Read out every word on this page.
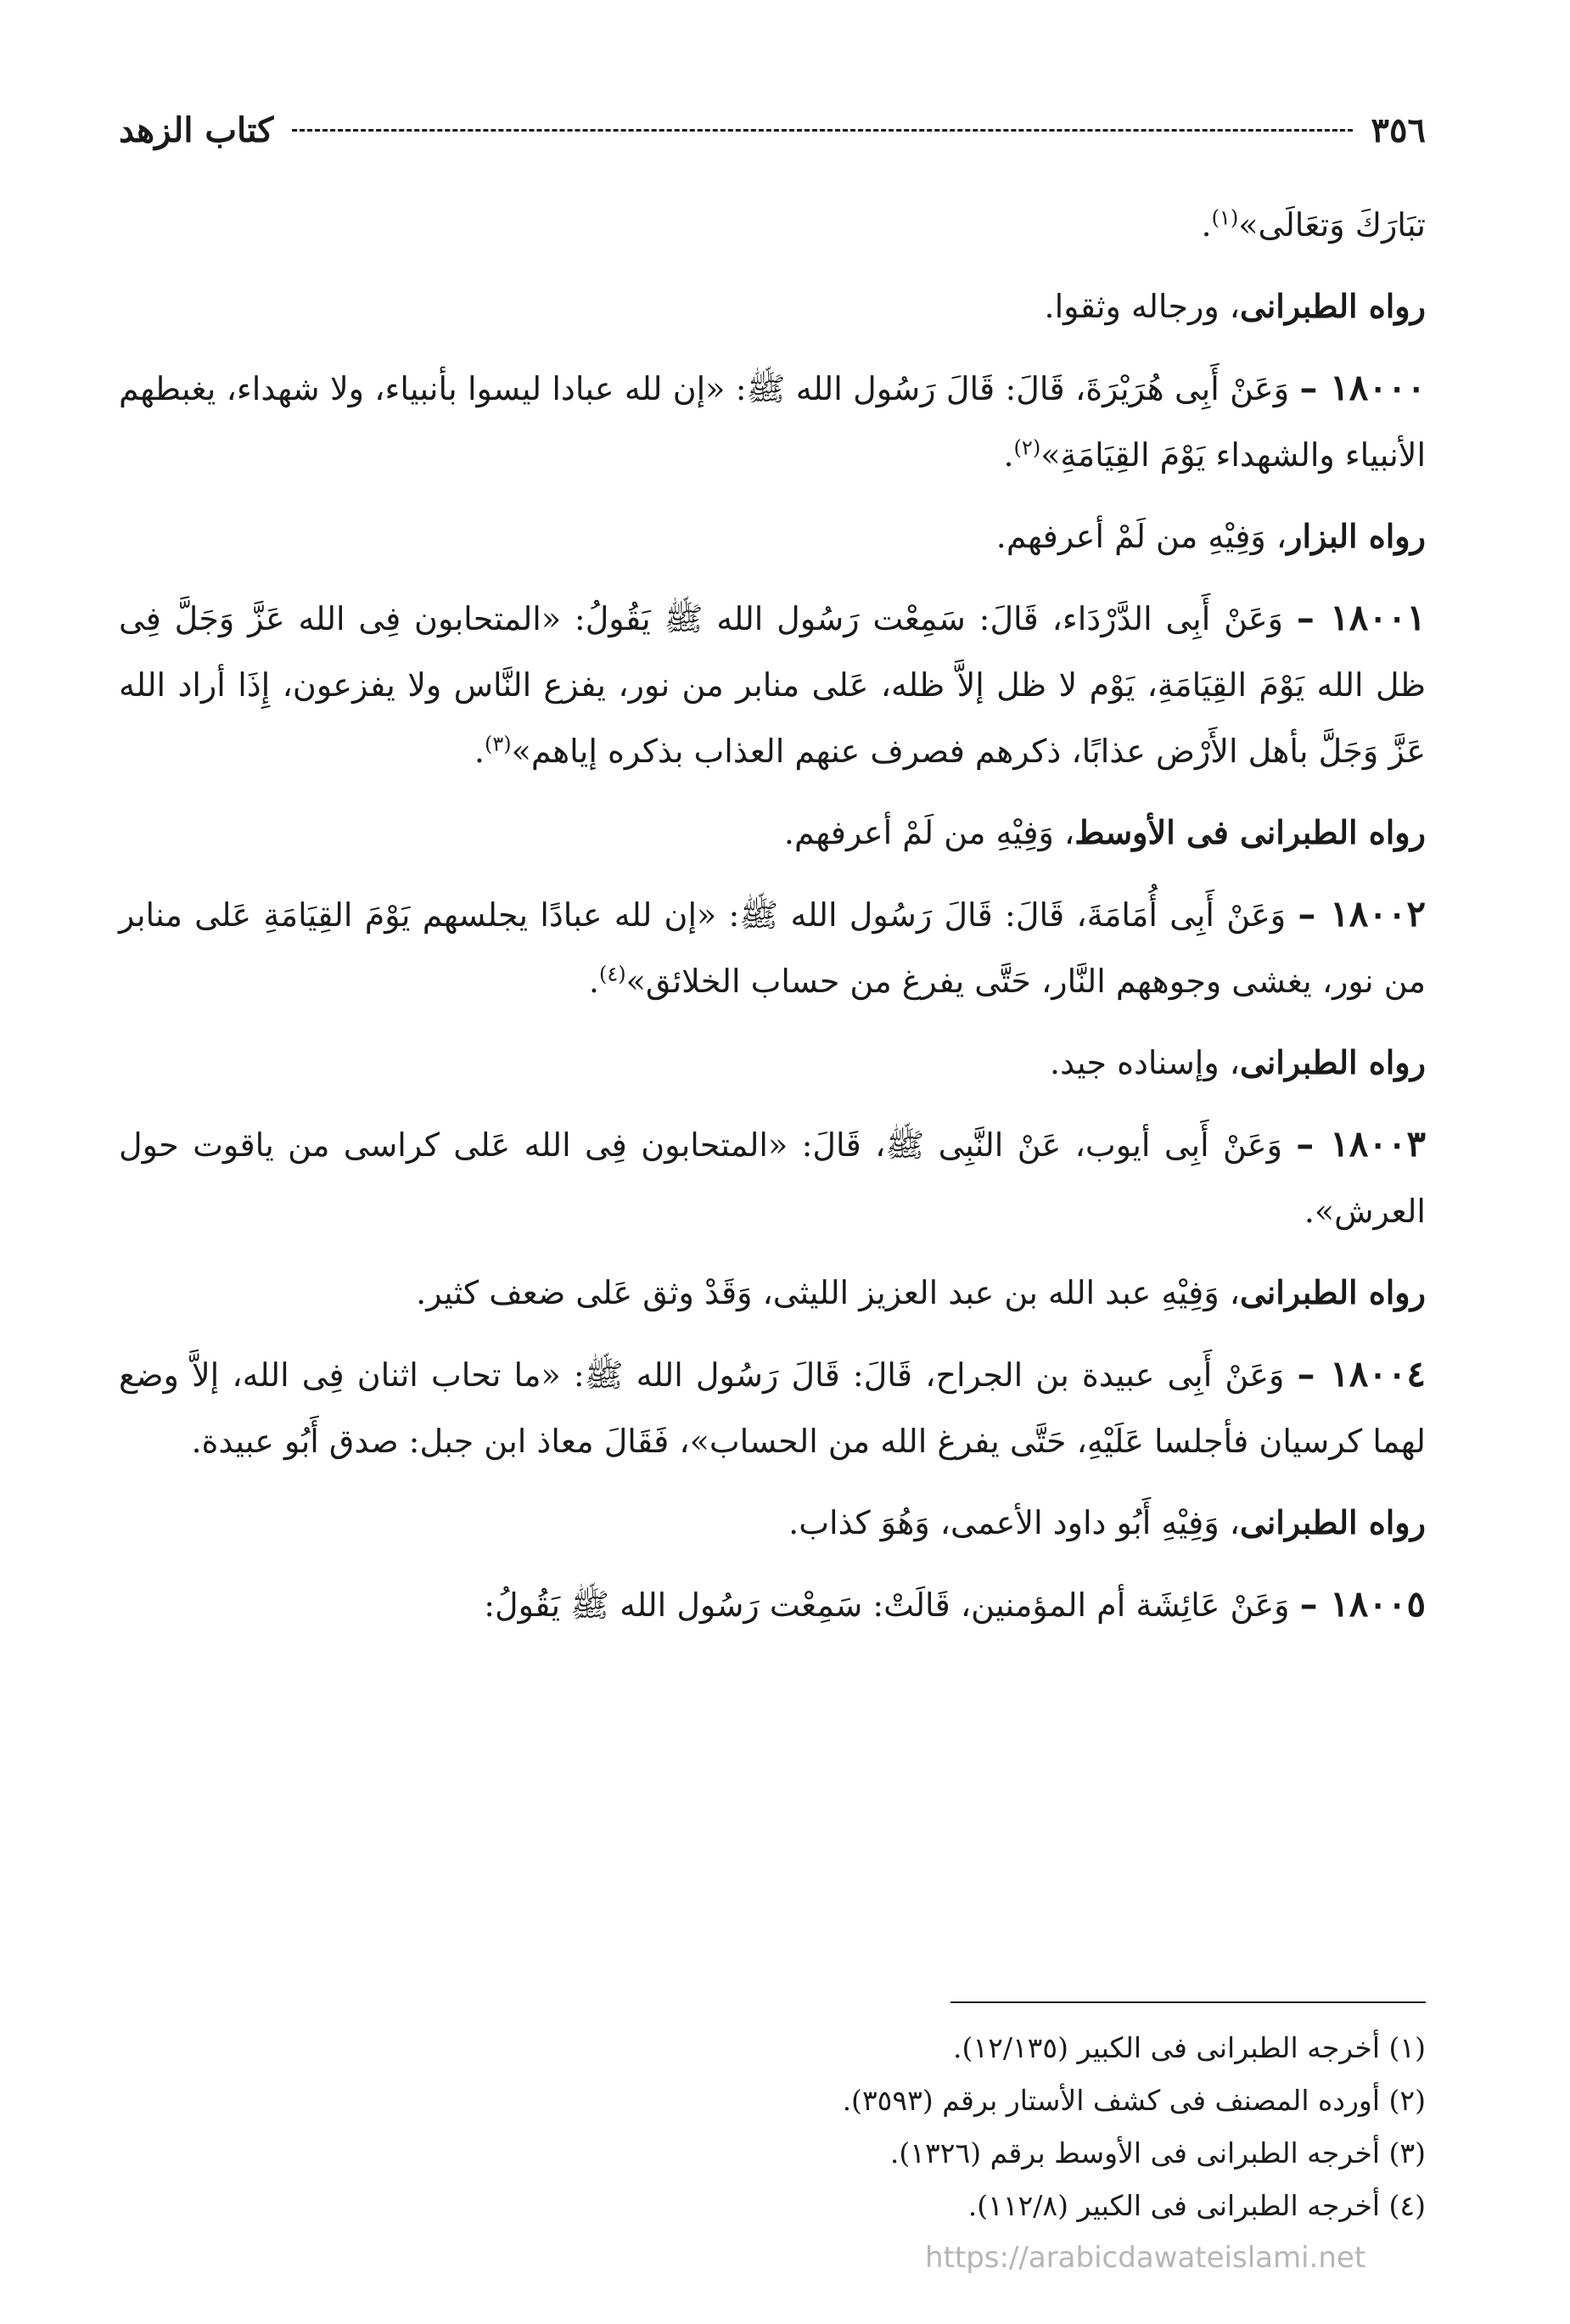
٣٥٦
كتاب الزهد

تبَارَكَ وَتعَالَى»$^{(١)}$.

رواه الطبرانى، ورجاله وثقوا.

١٨٠٠٠ – وَعَنْ أَبِى هُرَيْرَةَ، قَالَ: قَالَ رَسُول الله ﷺ: «إن لله عبادا ليسوا بأنبياء، ولا شهداء، يغبطهم الأنبياء والشهداء يَوْمَ القِيَامَةِ»$^{(٢)}$.

رواه البزار، وَفِيْهِ من لَمْ أعرفهم.

١٨٠٠١ – وَعَنْ أَبِى الدَّرْدَاء، قَالَ: سَمِعْت رَسُول الله ﷺ يَقُولُ: «المتحابون فِى الله عَزَّ وَجَلَّ فِى ظل الله يَوْمَ القِيَامَةِ، يَوْم لا ظل إلاَّ ظله، عَلى منابر من نور، يفزع النَّاس ولا يفزعون، إِذَا أراد الله عَزَّ وَجَلَّ بأهل الأَرْض عذابًا، ذكرهم فصرف عنهم العذاب بذكره إياهم»$^{(٣)}$.

رواه الطبرانى فى الأوسط، وَفِيْهِ من لَمْ أعرفهم.

١٨٠٠٢ – وَعَنْ أَبِى أُمَامَةَ، قَالَ: قَالَ رَسُول الله ﷺ: «إن لله عبادًا يجلسهم يَوْمَ القِيَامَةِ عَلى منابر من نور، يغشى وجوههم النَّار، حَتَّى يفرغ من حساب الخلائق»$^{(٤)}$.

رواه الطبرانى، وإسناده جيد.

١٨٠٠٣ – وَعَنْ أَبِى أيوب، عَنْ النَّبِى ﷺ، قَالَ: «المتحابون فِى الله عَلى كراسى من ياقوت حول العرش».

رواه الطبرانى، وَفِيْهِ عبد الله بن عبد العزيز الليثى، وَقَدْ وثق عَلى ضعف كثير.

١٨٠٠٤ – وَعَنْ أَبِى عبيدة بن الجراح، قَالَ: قَالَ رَسُول الله ﷺ: «ما تحاب اثنان فِى الله، إلاَّ وضع لهما كرسيان فأجلسا عَلَيْهِ، حَتَّى يفرغ الله من الحساب»، فَقَالَ معاذ ابن جبل: صدق أَبُو عبيدة.

رواه الطبرانى، وَفِيْهِ أَبُو داود الأعمى، وَهُوَ كذاب.

١٨٠٠٥ – وَعَنْ عَائِشَة أم المؤمنين، قَالَتْ: سَمِعْت رَسُول الله ﷺ يَقُولُ:

(١) أخرجه الطبرانى فى الكبير (١٢/١٣٥).

(٢) أورده المصنف فى كشف الأستار برقم (٣٥٩٣).

(٣) أخرجه الطبرانى فى الأوسط برقم (١٣٢٦).

(٤) أخرجه الطبرانى فى الكبير (١١٢/٨).

https://arabicdawateislami.net
